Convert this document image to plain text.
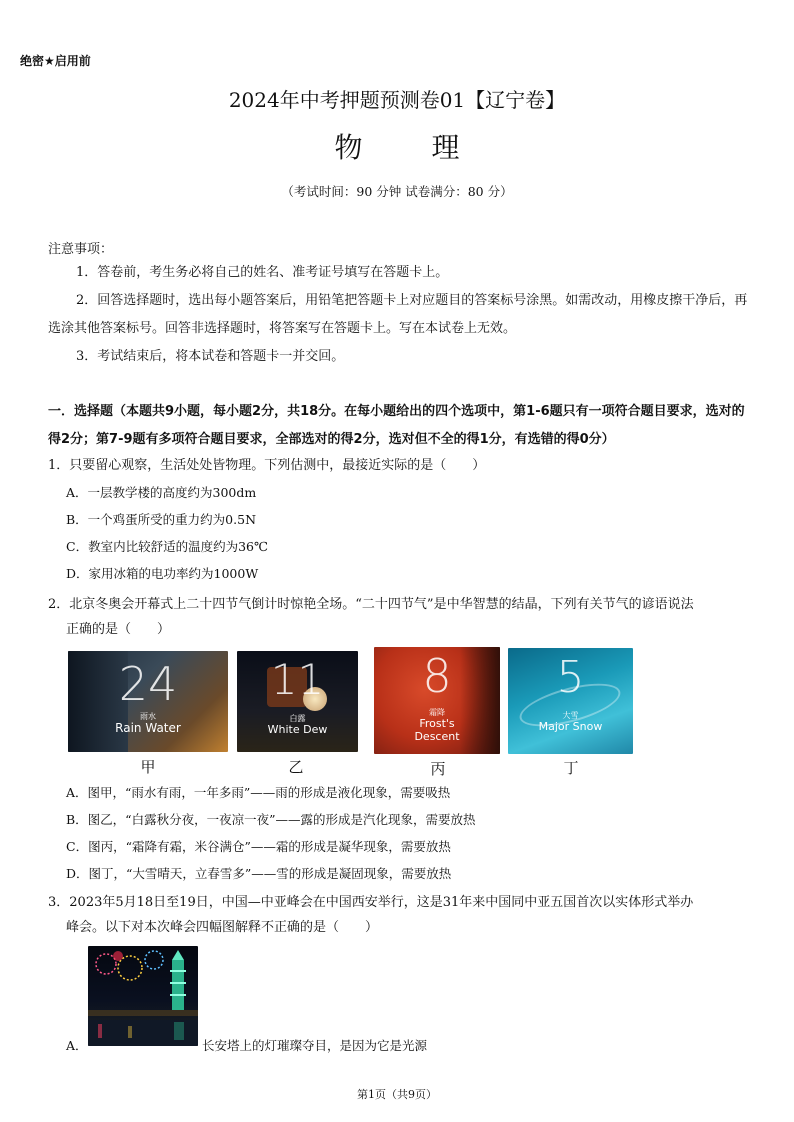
绝密★启用前
2024年中考押题预测卷01【辽宁卷】
物 理
（考试时间：90 分钟 试卷满分：80 分）
注意事项：

1．答卷前，考生务必将自己的姓名、准考证号填写在答题卡上。

2．回答选择题时，选出每小题答案后，用铅笔把答题卡上对应题目的答案标号涂黑。如需改动，用橡皮擦干净后，再选涂其他答案标号。回答非选择题时，将答案写在答题卡上。写在本试卷上无效。

3．考试结束后，将本试卷和答题卡一并交回。

一．选择题（本题共9小题，每小题2分，共18分。在每小题给出的四个选项中，第1-6题只有一项符合题目要求，选对的得2分；第7-9题有多项符合题目要求，全部选对的得2分，选对但不全的得1分，有选错的得0分）
1．只要留心观察，生活处处皆物理。下列估测中，最接近实际的是（　　）
A．一层教学楼的高度约为300dm
B．一个鸡蛋所受的重力约为0.5N
C．教室内比较舒适的温度约为36℃
D．家用冰箱的电功率约为1000W
2．北京冬奥会开幕式上二十四节气倒计时惊艳全场。“二十四节气”是中华智慧的结晶，下列有关节气的谚语说法
正确的是（　　）
24
雨水
Rain Water
11
白露
White Dew
8
霜降
Frost's Descent
5
大雪
Major Snow
甲	乙	丙	丁
A．图甲，“雨水有雨，一年多雨”——雨的形成是液化现象，需要吸热
B．图乙，“白露秋分夜，一夜凉一夜”——露的形成是汽化现象，需要放热
C．图丙，“霜降有霜，米谷满仓”——霜的形成是凝华现象，需要放热
D．图丁，“大雪晴天，立春雪多”——雪的形成是凝固现象，需要放热
3．2023年5月18日至19日，中国—中亚峰会在中国西安举行，这是31年来中国同中亚五国首次以实体形式举办
峰会。以下对本次峰会四幅图解释不正确的是（　　）
A．	长安塔上的灯璀璨夺目，是因为它是光源
第1页（共9页）
